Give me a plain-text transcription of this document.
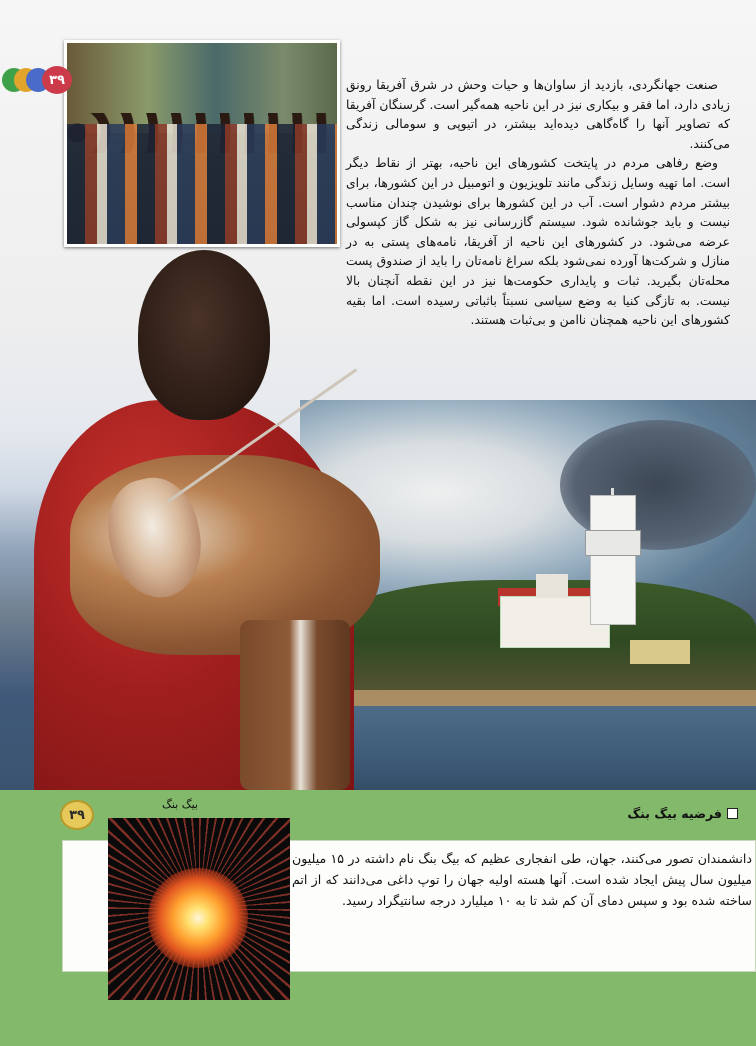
۳۹	صنعت جهانگردی، بازدید از ساوان‌ها و حیات وحش در شرق آفریقا رونق زیادی دارد، اما فقر و بیکاری نیز در این ناحیه همه‌گیر است. گرسنگان آفریقا که تصاویر آنها را گاه‌گاهی دیده‌اید بیشتر، در اتیوپی و سومالی زندگی می‌کنند.

وضع رفاهی مردم در پایتخت کشورهای این ناحیه، بهتر از نقاط دیگر است. اما تهیه وسایل زندگی مانند تلویزیون و اتومبیل در این کشورها، برای بیشتر مردم دشوار است. آب در این کشورها برای نوشیدن چندان مناسب نیست و باید جوشانده شود. سیستم گازرسانی نیز به شکل گاز کپسولی عرضه می‌شود. در کشورهای این ناحیه از آفریقا، نامه‌های پستی به در منازل و شرکت‌ها آورده نمی‌شود بلکه سراغ نامه‌تان را باید از صندوق پست محله‌تان بگیرید. ثبات و پایداری حکومت‌ها نیز در این نقطه آنچنان بالا نیست. به تازگی کنیا به وضع سیاسی نسبتاً باثباتی رسیده است. اما بقیه کشورهای این ناحیه همچنان ناامن و بی‌ثبات هستند.

۳۹
بیگ بنگ
فرضیه بیگ بنگ
دانشمندان تصور می‌کنند، جهان، طی انفجاری عظیم که بیگ بنگ نام داشته در ۱۵ میلیون میلیون سال پیش ایجاد شده است. آنها هسته اولیه جهان را توپ داغی می‌دانند که از اتم ساخته شده بود و سپس دمای آن کم شد تا به ۱۰ میلیارد درجه سانتیگراد رسید.
